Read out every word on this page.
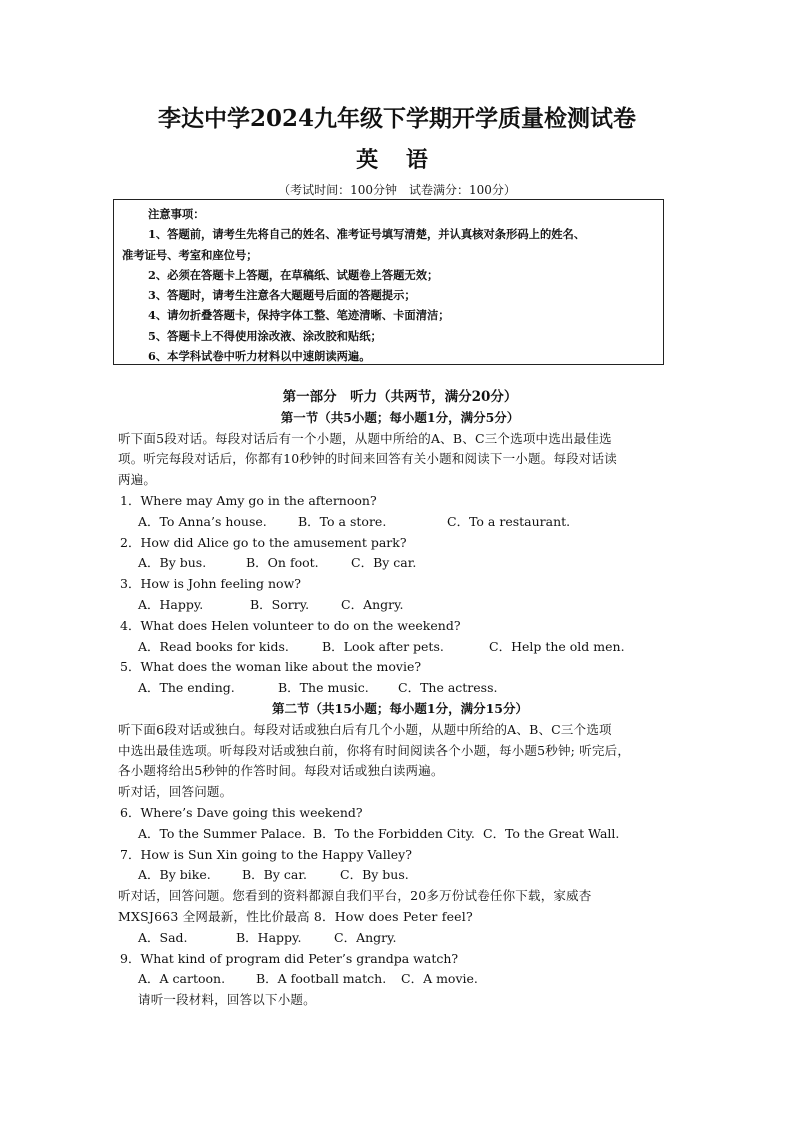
李达中学2024九年级下学期开学质量检测试卷
英 语
（考试时间：100分钟　试卷满分：100分）
注意事项：
1、答题前，请考生先将自己的姓名、准考证号填写清楚，并认真核对条形码上的姓名、
准考证号、考室和座位号；
2、必须在答题卡上答题，在草稿纸、试题卷上答题无效；
3、答题时，请考生注意各大题题号后面的答题提示；
4、请勿折叠答题卡，保持字体工整、笔迹清晰、卡面清洁；
5、答题卡上不得使用涂改液、涂改胶和贴纸；
6、本学科试卷中听力材料以中速朗读两遍。
第一部分　听力（共两节，满分20分）
第一节（共5小题；每小题1分，满分5分）
听下面5段对话。每段对话后有一个小题，从题中所给的A、B、C三个选项中选出最佳选
项。听完每段对话后，你都有10秒钟的时间来回答有关小题和阅读下一小题。每段对话读
两遍。
1．Where may Amy go in the afternoon?
A．To Anna’s house.	B．To a store.	C．To a restaurant.
2．How did Alice go to the amusement park?
A．By bus.	B．On foot.	C．By car.
3．How is John feeling now?
A．Happy.	B．Sorry.	C．Angry.
4．What does Helen volunteer to do on the weekend?
A．Read books for kids.	B．Look after pets.	C．Help the old men.
5．What does the woman like about the movie?
A．The ending.	B．The music. C．The actress.
第二节（共15小题；每小题1分，满分15分）
听下面6段对话或独白。每段对话或独白后有几个小题，从题中所给的A、B、C三个选项
中选出最佳选项。听每段对话或独白前，你将有时间阅读各个小题，每小题5秒钟; 听完后，
各小题将给出5秒钟的作答时间。每段对话或独白读两遍。
听对话，回答问题。
6．Where’s Dave going this weekend?
A．To the Summer Palace. B．To the Forbidden City. C．To the Great Wall.
7．How is Sun Xin going to the Happy Valley?
A．By bike.	B．By car.	C．By bus.
听对话，回答问题。您看到的资料都源自我们平台，20多万份试卷任你下载，家威杏
MXSJ663 全网最新，性比价最高 8．How does Peter feel?
A．Sad.	B．Happy.	C．Angry.
9．What kind of program did Peter’s grandpa watch?
A．A cartoon. B．A football match. C．A movie.
请听一段材料，回答以下小题。
